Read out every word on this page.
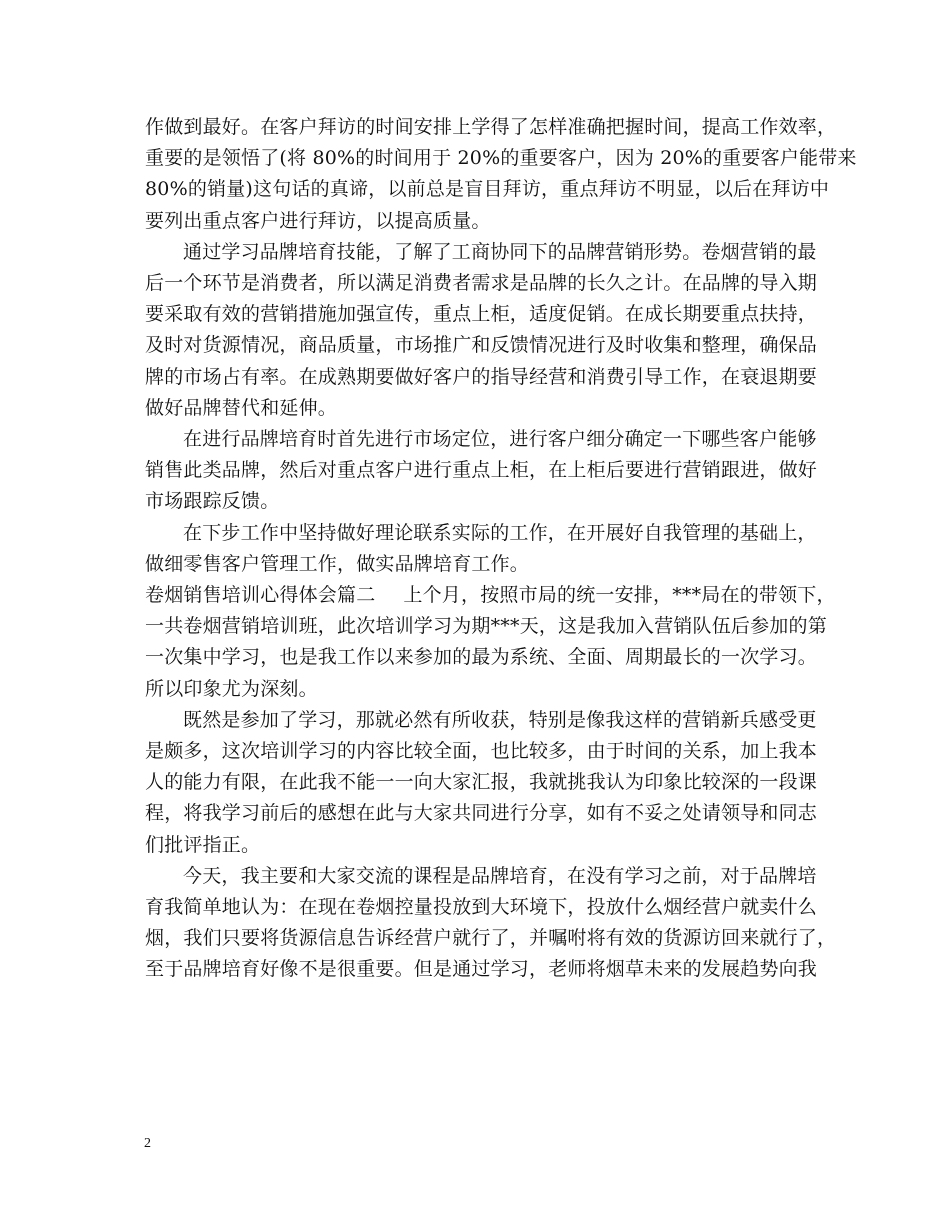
作做到最好。在客户拜访的时间安排上学得了怎样准确把握时间，提高工作效率，
重要的是领悟了(将 80%的时间用于 20%的重要客户，因为 20%的重要客户能带来
80%的销量)这句话的真谛，以前总是盲目拜访，重点拜访不明显，以后在拜访中
要列出重点客户进行拜访，以提高质量。
通过学习品牌培育技能，了解了工商协同下的品牌营销形势。卷烟营销的最
后一个环节是消费者，所以满足消费者需求是品牌的长久之计。在品牌的导入期
要采取有效的营销措施加强宣传，重点上柜，适度促销。在成长期要重点扶持，
及时对货源情况，商品质量，市场推广和反馈情况进行及时收集和整理，确保品
牌的市场占有率。在成熟期要做好客户的指导经营和消费引导工作，在衰退期要
做好品牌替代和延伸。
在进行品牌培育时首先进行市场定位，进行客户细分确定一下哪些客户能够
销售此类品牌，然后对重点客户进行重点上柜，在上柜后要进行营销跟进，做好
市场跟踪反馈。
在下步工作中坚持做好理论联系实际的工作，在开展好自我管理的基础上，
做细零售客户管理工作，做实品牌培育工作。
卷烟销售培训心得体会篇二 上个月，按照市局的统一安排，***局在的带领下，
一共卷烟营销培训班，此次培训学习为期***天，这是我加入营销队伍后参加的第
一次集中学习，也是我工作以来参加的最为系统、全面、周期最长的一次学习。
所以印象尤为深刻。
既然是参加了学习，那就必然有所收获，特别是像我这样的营销新兵感受更
是颇多，这次培训学习的内容比较全面，也比较多，由于时间的关系，加上我本
人的能力有限，在此我不能一一向大家汇报，我就挑我认为印象比较深的一段课
程，将我学习前后的感想在此与大家共同进行分享，如有不妥之处请领导和同志
们批评指正。
今天，我主要和大家交流的课程是品牌培育，在没有学习之前，对于品牌培
育我简单地认为：在现在卷烟控量投放到大环境下，投放什么烟经营户就卖什么
烟，我们只要将货源信息告诉经营户就行了，并嘱咐将有效的货源访回来就行了，
至于品牌培育好像不是很重要。但是通过学习，老师将烟草未来的发展趋势向我
2
